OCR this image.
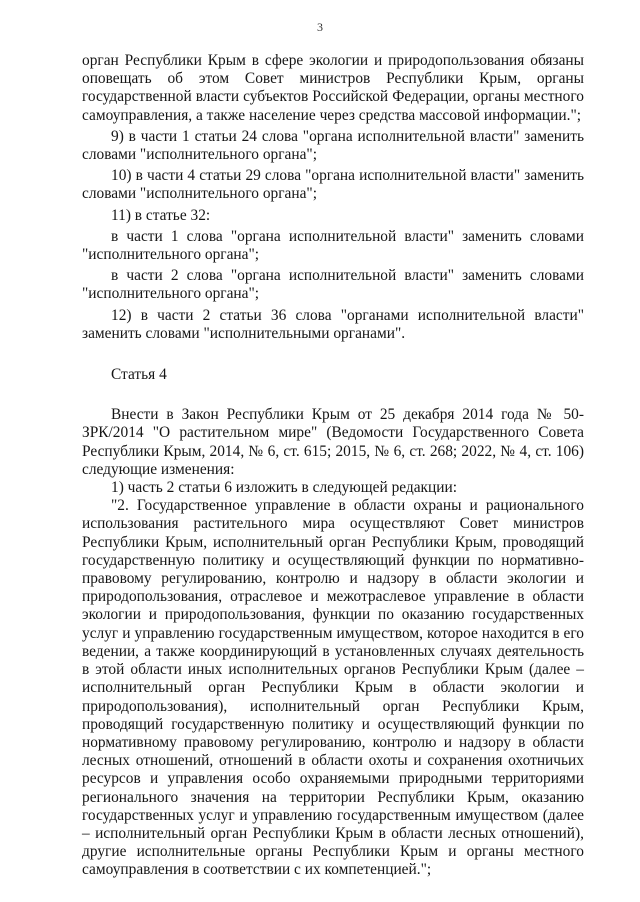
3

орган Республики Крым в сфере экологии и природопользования обязаны оповещать об этом Совет министров Республики Крым, органы государственной власти субъектов Российской Федерации, органы местного самоуправления, а также население через средства массовой информации.";

9) в части 1 статьи 24 слова "органа исполнительной власти" заменить словами "исполнительного органа";

10) в части 4 статьи 29 слова "органа исполнительной власти" заменить словами "исполнительного органа";

11) в статье 32:

в части 1 слова "органа исполнительной власти" заменить словами "исполнительного органа";

в части 2 слова "органа исполнительной власти" заменить словами "исполнительного органа";

12) в части 2 статьи 36 слова "органами исполнительной власти" заменить словами "исполнительными органами".

Статья 4

Внести в Закон Республики Крым от 25 декабря 2014 года № 50-ЗРК/2014 "О растительном мире" (Ведомости Государственного Совета Республики Крым, 2014, № 6, ст. 615; 2015, № 6, ст. 268; 2022, № 4, ст. 106) следующие изменения:

1) часть 2 статьи 6 изложить в следующей редакции:

"2. Государственное управление в области охраны и рационального использования растительного мира осуществляют Совет министров Республики Крым, исполнительный орган Республики Крым, проводящий государственную политику и осуществляющий функции по нормативно-правовому регулированию, контролю и надзору в области экологии и природопользования, отраслевое и межотраслевое управление в области экологии и природопользования, функции по оказанию государственных услуг и управлению государственным имуществом, которое находится в его ведении, а также координирующий в установленных случаях деятельность в этой области иных исполнительных органов Республики Крым (далее – исполнительный орган Республики Крым в области экологии и природопользования), исполнительный орган Республики Крым, проводящий государственную политику и осуществляющий функции по нормативному правовому регулированию, контролю и надзору в области лесных отношений, отношений в области охоты и сохранения охотничьих ресурсов и управления особо охраняемыми природными территориями регионального значения на территории Республики Крым, оказанию государственных услуг и управлению государственным имуществом (далее – исполнительный орган Республики Крым в области лесных отношений), другие исполнительные органы Республики Крым и органы местного самоуправления в соответствии с их компетенцией.";
